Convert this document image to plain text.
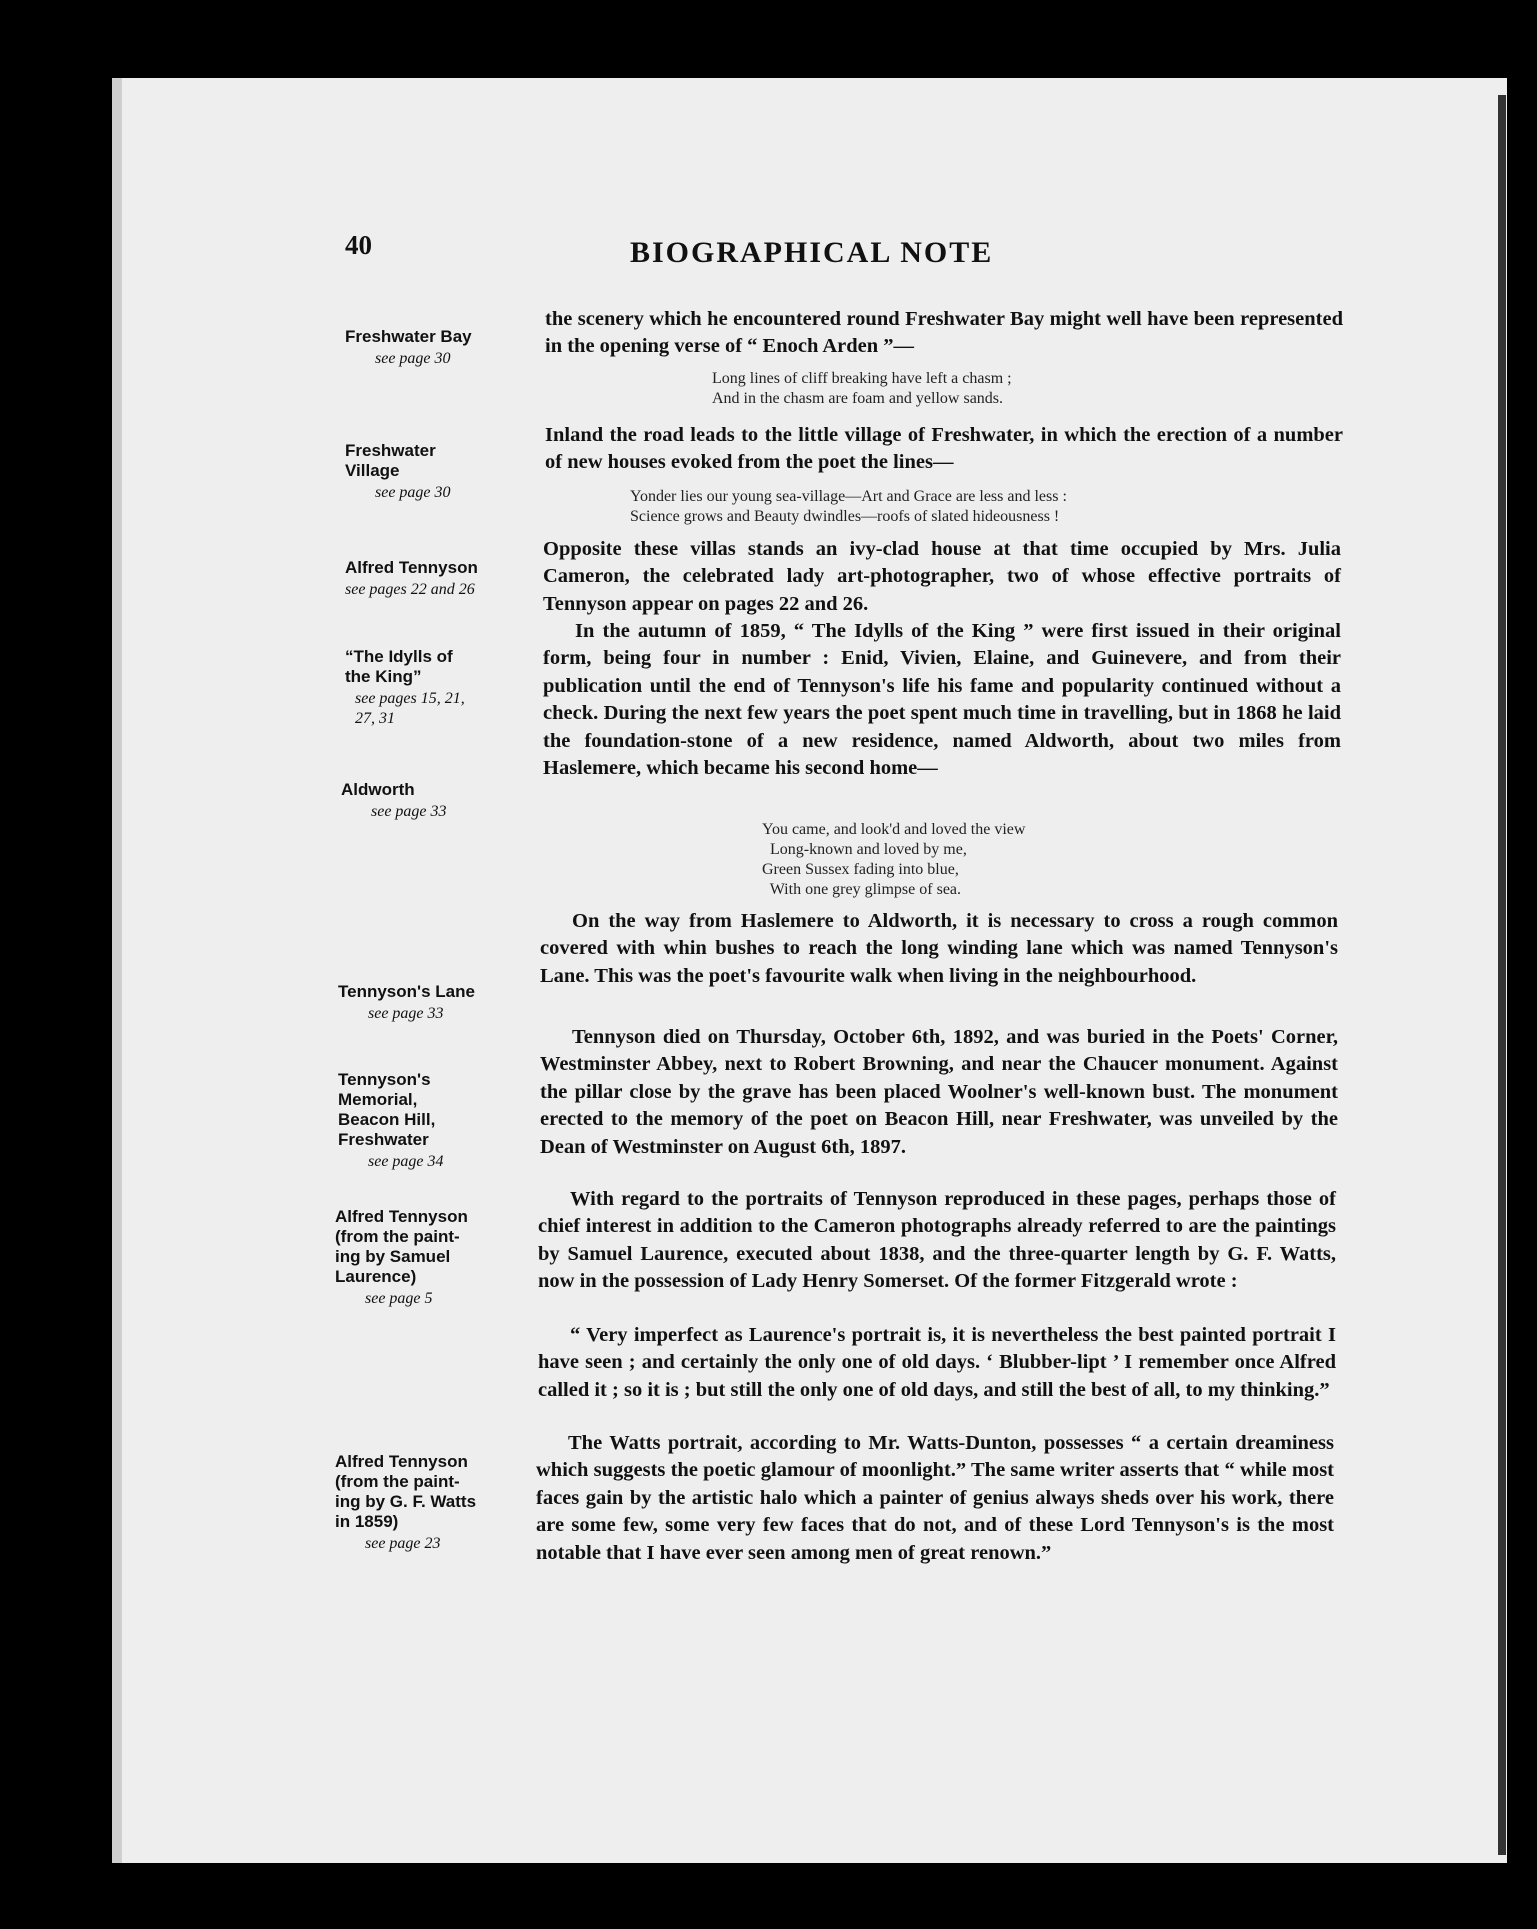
40	BIOGRAPHICAL NOTE

Freshwater Bay

see page 30

Freshwater
Village

see page 30

Alfred Tennyson

see pages 22 and 26

“The Idylls of
the King”

see pages 15, 21,
27, 31

Aldworth

see page 33

Tennyson's Lane

see page 33

Tennyson's
Memorial,
Beacon Hill,
Freshwater

see page 34

Alfred Tennyson
(from the paint-
ing by Samuel
Laurence)

see page 5

Alfred Tennyson
(from the paint-
ing by G. F. Watts
in 1859)

see page 23

the scenery which he encountered round Freshwater Bay might well have been represented in the opening verse of “ Enoch Arden ”—

Long lines of cliff breaking have left a chasm ;
And in the chasm are foam and yellow sands.

Inland the road leads to the little village of Freshwater, in which the erection of a number of new houses evoked from the poet the lines—

Yonder lies our young sea-village—Art and Grace are less and less :
Science grows and Beauty dwindles—roofs of slated hideousness !

Opposite these villas stands an ivy-clad house at that time occupied by Mrs. Julia Cameron, the celebrated lady art-photographer, two of whose effective portraits of Tennyson appear on pages 22 and 26.

In the autumn of 1859, “ The Idylls of the King ” were first issued in their original form, being four in number : Enid, Vivien, Elaine, and Guinevere, and from their publication until the end of Tennyson's life his fame and popularity continued without a check. During the next few years the poet spent much time in travelling, but in 1868 he laid the foundation-stone of a new residence, named Aldworth, about two miles from Haslemere, which became his second home—

You came, and look'd and loved the view
Long-known and loved by me,
Green Sussex fading into blue,
With one grey glimpse of sea.

On the way from Haslemere to Aldworth, it is necessary to cross a rough common covered with whin bushes to reach the long winding lane which was named Tennyson's Lane. This was the poet's favourite walk when living in the neighbourhood.

Tennyson died on Thursday, October 6th, 1892, and was buried in the Poets' Corner, Westminster Abbey, next to Robert Browning, and near the Chaucer monument. Against the pillar close by the grave has been placed Woolner's well-known bust. The monument erected to the memory of the poet on Beacon Hill, near Freshwater, was unveiled by the Dean of Westminster on August 6th, 1897.

With regard to the portraits of Tennyson reproduced in these pages, perhaps those of chief interest in addition to the Cameron photographs already referred to are the paintings by Samuel Laurence, executed about 1838, and the three-quarter length by G. F. Watts, now in the possession of Lady Henry Somerset. Of the former Fitzgerald wrote :

“ Very imperfect as Laurence's portrait is, it is nevertheless the best painted portrait I have seen ; and certainly the only one of old days. ‘ Blubber-lipt ’ I remember once Alfred called it ; so it is ; but still the only one of old days, and still the best of all, to my thinking.”

The Watts portrait, according to Mr. Watts-Dunton, possesses “ a certain dreaminess which suggests the poetic glamour of moonlight.” The same writer asserts that “ while most faces gain by the artistic halo which a painter of genius always sheds over his work, there are some few, some very few faces that do not, and of these Lord Tennyson's is the most notable that I have ever seen among men of great renown.”
